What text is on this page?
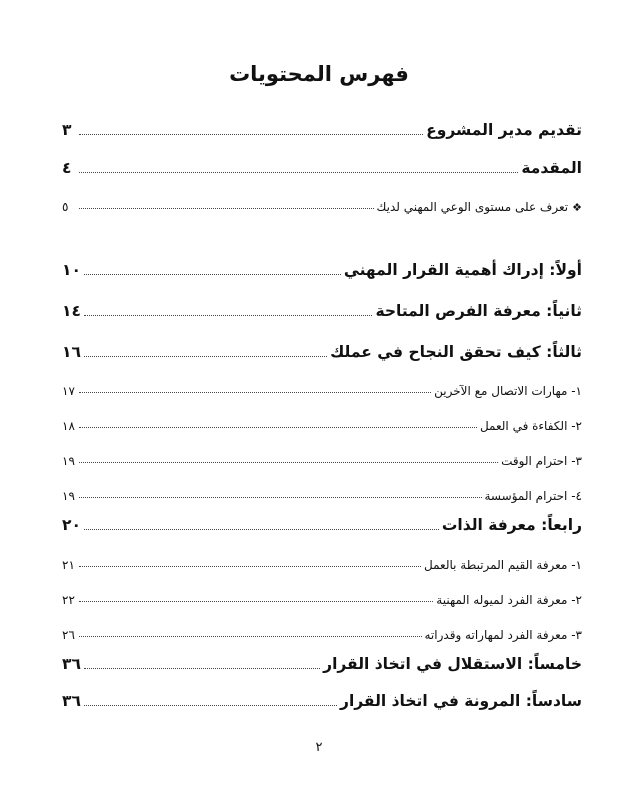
فهرس المحتويات
تقديم مدير المشروع
٣
المقدمة
٤
❖تعرف على مستوى الوعي المهني لديك
٥
أولاً: إدراك أهمية القرار المهني
١٠
ثانياً: معرفة الفرص المتاحة
١٤
ثالثاً: كيف تحقق النجاح في عملك
١٦
١- مهارات الاتصال مع الآخرين
١٧
٢- الكفاءة في العمل
١٨
٣- احترام الوقت
١٩
٤- احترام المؤسسة
١٩
رابعاً: معرفة الذات
٢٠
١- معرفة القيم المرتبطة بالعمل
٢١
٢- معرفة الفرد لميوله المهنية
٢٢
٣- معرفة الفرد لمهاراته وقدراته
٢٦
خامساً: الاستقلال في اتخاذ القرار
٣٦
سادساً: المرونة في اتخاذ القرار
٣٦
٢
